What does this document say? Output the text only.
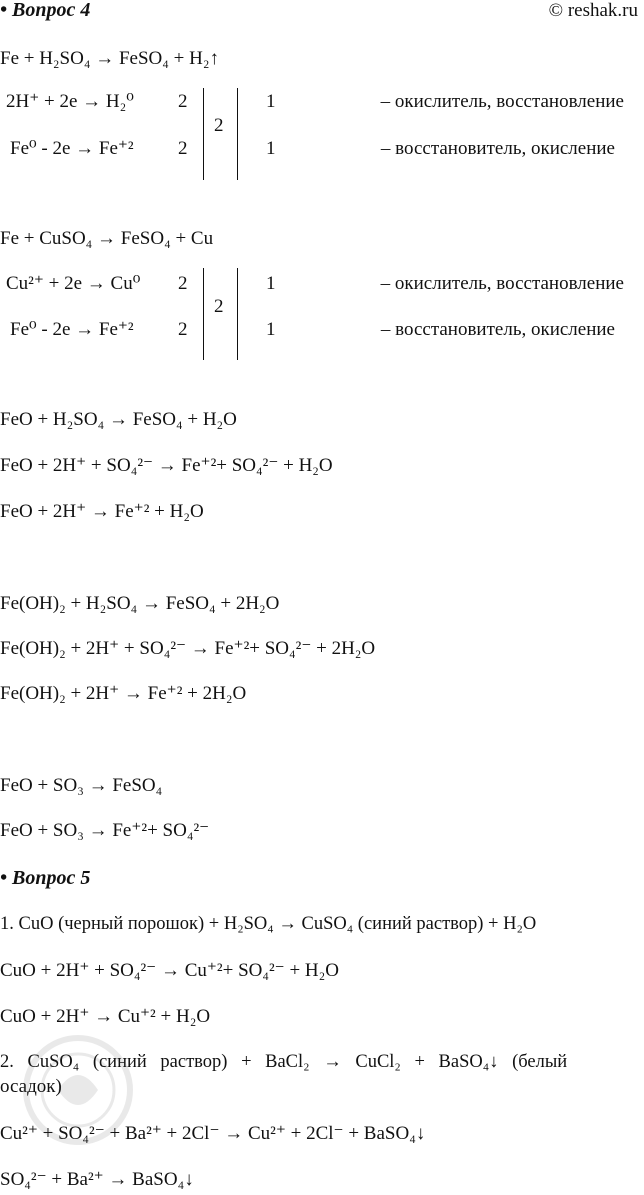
• Вопрос 4	© reshak.ru
Fe + H₂SO₄ → FeSO₄ + H₂↑
2H⁺ + 2e → H₂⁰ 2
Fe⁰ - 2e → Fe⁺² 2
2
1
1
– окислитель, восстановление
– восстановитель, окисление
Fe + CuSO₄ → FeSO₄ + Cu
Cu²⁺ + 2e → Cu⁰ 2
Fe⁰ - 2e → Fe⁺² 2
2
1
1
– окислитель, восстановление
– восстановитель, окисление
FeO + H₂SO₄ → FeSO₄ + H₂O
FeO + 2H⁺ + SO₄²⁻ → Fe⁺²+ SO₄²⁻ + H₂O
FeO + 2H⁺ → Fe⁺² + H₂O
Fe(OH)₂ + H₂SO₄ → FeSO₄ + 2H₂O
Fe(OH)₂ + 2H⁺ + SO₄²⁻ → Fe⁺²+ SO₄²⁻ + 2H₂O
Fe(OH)₂ + 2H⁺ → Fe⁺² + 2H₂O
FeO + SO₃ → FeSO₄
FeO + SO₃ → Fe⁺²+ SO₄²⁻
• Вопрос 5
1. CuO (черный порошок) + H₂SO₄ → CuSO₄ (синий раствор) + H₂O
CuO + 2H⁺ + SO₄²⁻ → Cu⁺²+ SO₄²⁻ + H₂O
CuO + 2H⁺ → Cu⁺² + H₂O
2. CuSO₄ (синий раствор) + BaCl₂ → CuCl₂ + BaSO₄↓ (белый
осадок)
Cu²⁺ + SO₄²⁻ + Ba²⁺ + 2Cl⁻ → Cu²⁺ + 2Cl⁻ + BaSO₄↓
SO₄²⁻ + Ba²⁺ → BaSO₄↓
